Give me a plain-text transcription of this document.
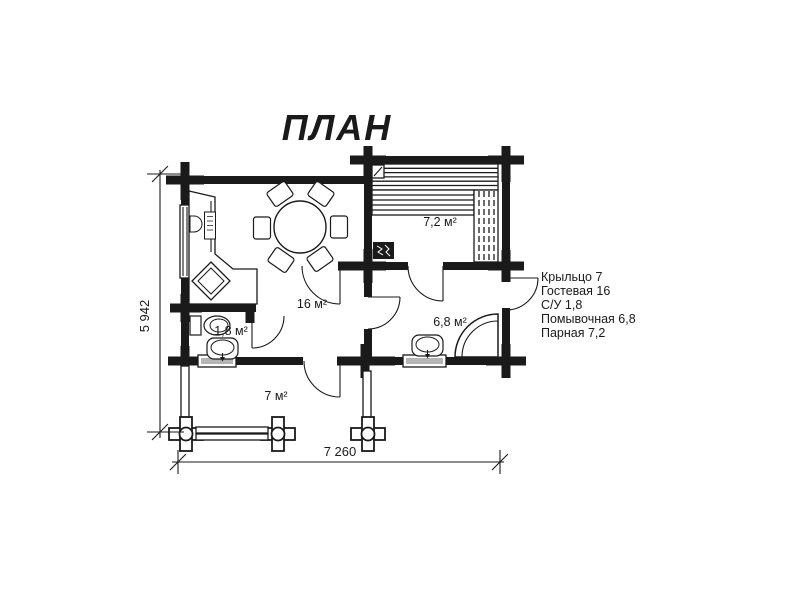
5 942
7 260
7,2 м²
16 м²
1,8 м²
6,8 м²
7 м²
Крыльцо 7
Гостевая 16
С/У 1,8
Помывочная 6,8
Парная 7,2
ПЛАН
